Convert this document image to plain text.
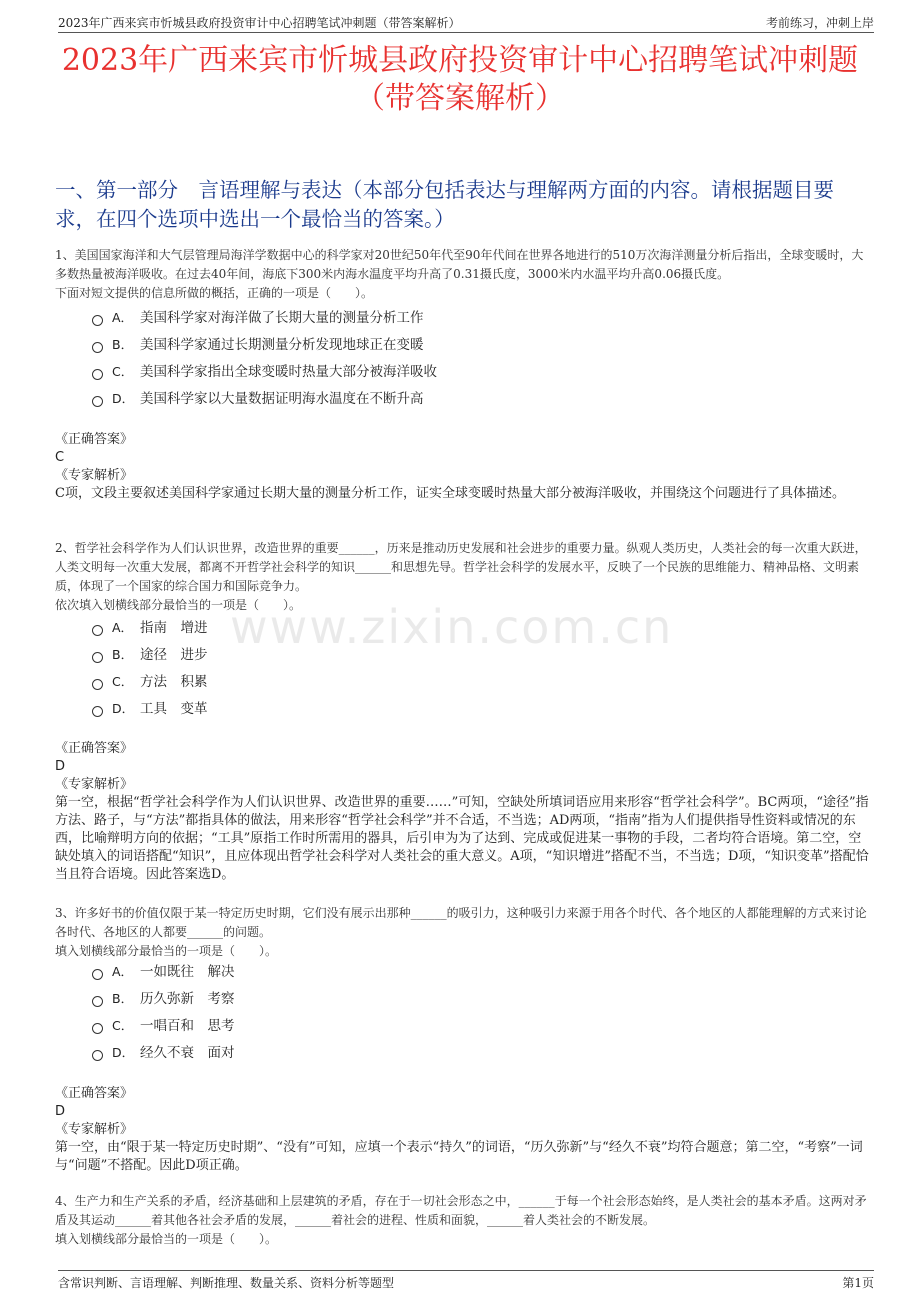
2023年广西来宾市忻城县政府投资审计中心招聘笔试冲刺题（带答案解析）	考前练习，冲刺上岸
2023年广西来宾市忻城县政府投资审计中心招聘笔试冲刺题
（带答案解析）
一、第一部分　言语理解与表达（本部分包括表达与理解两方面的内容。请根据题目要求，在四个选项中选出一个最恰当的答案。）
www.zixin.com.cn
1、美国国家海洋和大气层管理局海洋学数据中心的科学家对20世纪50年代至90年代间在世界各地进行的510万次海洋测量分析后指出，全球变暖时，大多数热量被海洋吸收。在过去40年间，海底下300米内海水温度平均升高了0.31摄氏度，3000米内水温平均升高0.06摄氏度。
下面对短文提供的信息所做的概括，正确的一项是（　　）。
A． 美国科学家对海洋做了长期大量的测量分析工作
B． 美国科学家通过长期测量分析发现地球正在变暖
C． 美国科学家指出全球变暖时热量大部分被海洋吸收
D． 美国科学家以大量数据证明海水温度在不断升高
《正确答案》
C
《专家解析》
C项，文段主要叙述美国科学家通过长期大量的测量分析工作，证实全球变暖时热量大部分被海洋吸收，并围绕这个问题进行了具体描述。
2、哲学社会科学作为人们认识世界，改造世界的重要______，历来是推动历史发展和社会进步的重要力量。纵观人类历史，人类社会的每一次重大跃进，人类文明每一次重大发展，都离不开哲学社会科学的知识______和思想先导。哲学社会科学的发展水平，反映了一个民族的思维能力、精神品格、文明素质，体现了一个国家的综合国力和国际竞争力。
依次填入划横线部分最恰当的一项是（　　）。
A． 指南　增进
B． 途径　进步
C． 方法　积累
D． 工具　变革
《正确答案》
D
《专家解析》
第一空，根据“哲学社会科学作为人们认识世界、改造世界的重要……”可知，空缺处所填词语应用来形容“哲学社会科学”。BC两项，“途径”指方法、路子，与“方法”都指具体的做法，用来形容“哲学社会科学”并不合适，不当选；AD两项，“指南”指为人们提供指导性资料或情况的东西，比喻辩明方向的依据；“工具”原指工作时所需用的器具，后引申为为了达到、完成或促进某一事物的手段，二者均符合语境。第二空，空缺处填入的词语搭配“知识”，且应体现出哲学社会科学对人类社会的重大意义。A项，“知识增进”搭配不当，不当选；D项，“知识变革”搭配恰当且符合语境。因此答案选D。
3、许多好书的价值仅限于某一特定历史时期，它们没有展示出那种______的吸引力，这种吸引力来源于用各个时代、各个地区的人都能理解的方式来讨论各时代、各地区的人都要______的问题。
填入划横线部分最恰当的一项是（　　）。
A． 一如既往　解决
B． 历久弥新　考察
C． 一唱百和　思考
D． 经久不衰　面对
《正确答案》
D
《专家解析》
第一空，由“限于某一特定历史时期”、“没有”可知，应填一个表示“持久”的词语，“历久弥新”与“经久不衰”均符合题意；第二空，“考察”一词与“问题”不搭配。因此D项正确。
4、生产力和生产关系的矛盾，经济基础和上层建筑的矛盾，存在于一切社会形态之中，______于每一个社会形态始终，是人类社会的基本矛盾。这两对矛盾及其运动______着其他各社会矛盾的发展，______着社会的进程、性质和面貌，______着人类社会的不断发展。
填入划横线部分最恰当的一项是（　　）。
含常识判断、言语理解、判断推理、数量关系、资料分析等题型	第1页
